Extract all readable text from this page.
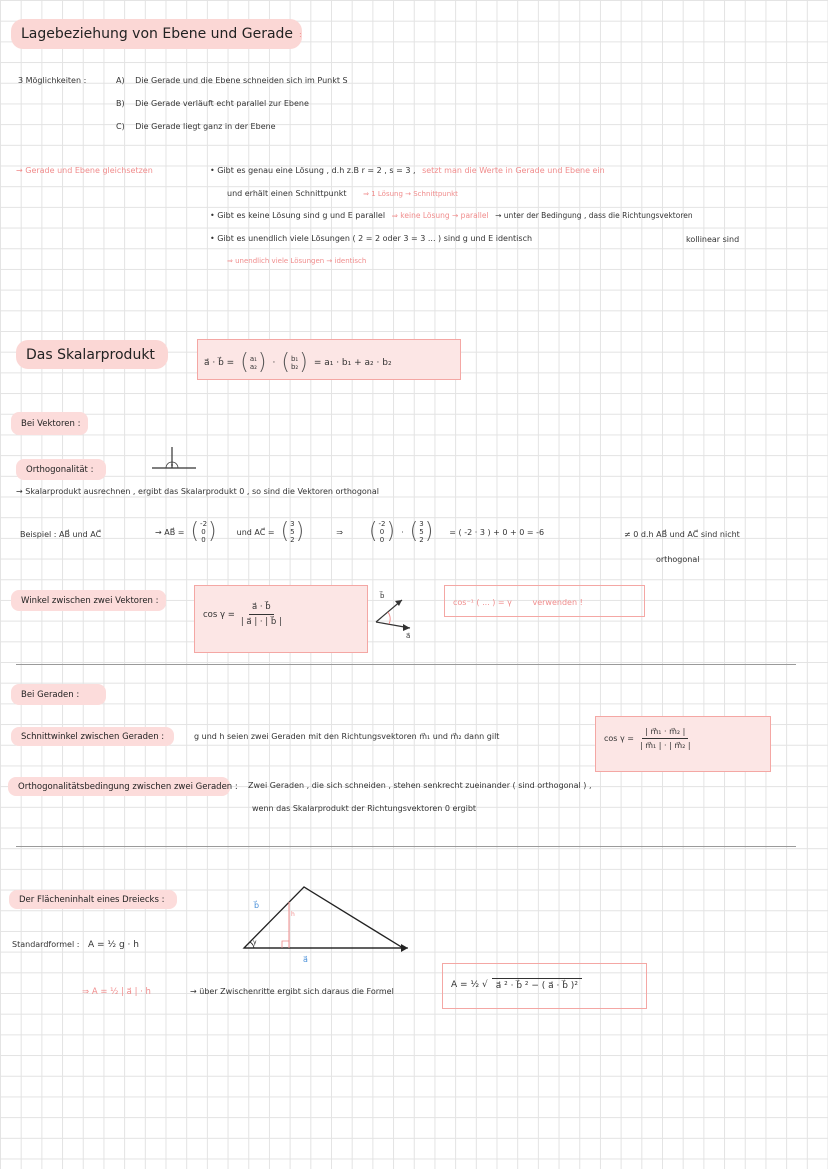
Lagebeziehung von Ebene und Gerade :
3 Möglichkeiten :	A) Die Gerade und die Ebene schneiden sich im Punkt S
B) Die Gerade verläuft echt parallel zur Ebene
C) Die Gerade liegt ganz in der Ebene
→ Gerade und Ebene gleichsetzen	• Gibt es genau eine Lösung , d.h z.B r = 2 , s = 3 , setzt man die Werte in Gerade und Ebene ein
und erhält einen Schnittpunkt ⇒ 1 Lösung → Schnittpunkt
• Gibt es keine Lösung sind g und E parallel ⇒ keine Lösung → parallel → unter der Bedingung , dass die Richtungsvektoren
kollinear sind
• Gibt es unendlich viele Lösungen ( 2 = 2 oder 3 = 3 ... ) sind g und E identisch
⇒ unendlich viele Lösungen → identisch
Das Skalarprodukt
a⃗ · b⃗ = ( a₁
a₂ ) · ( b₁
b₂ ) = a₁ · b₁ + a₂ · b₂
Bei Vektoren :
Orthogonalität :
→ Skalarprodukt ausrechnen , ergibt das Skalarprodukt 0 , so sind die Vektoren orthogonal
Beispiel : AB⃗ und AC⃗	→ AB⃗ = ( -2
0
0 )	und AC⃗ = ( 3
5
2 )	⇒ ( -2
0
0 ) · ( 3
5
2 ) = ( -2 · 3 ) + 0 + 0 = -6	≠ 0 d.h AB⃗ und AC⃗ sind nicht
orthogonal
Winkel zwischen zwei Vektoren :
$\cos \gamma = \frac{a⃗ \cdot b⃗}{| a⃗ | \cdot | b⃗ |}$
b⃗
a⃗
cos⁻¹ ( ... ) = γ	verwenden !
Bei Geraden :
Schnittwinkel zwischen Geraden :	g und h seien zwei Geraden mit den Richtungsvektoren m⃗₁ und m⃗₂ dann gilt	$\cos \gamma = \frac{\text{| m⃗₁ · m⃗₂ |}}{\text{| m⃗₁ | · | m⃗₂ |}}$
Orthogonalitätsbedingung zwischen zwei Geraden : Zwei Geraden , die sich schneiden , stehen senkrecht zueinander ( sind orthogonal ) ,
wenn das Skalarprodukt der Richtungsvektoren 0 ergibt
Der Flächeninhalt eines Dreiecks :
γ
h
b⃗
a⃗
Standardformel : A = ½ g · h
⇒ A = ½ | a⃗ | · h	→ über Zwischenritte ergibt sich daraus die Formel
A = ½ √ a⃗ ² · b⃗ ² − ( a⃗ · b⃗ )²
